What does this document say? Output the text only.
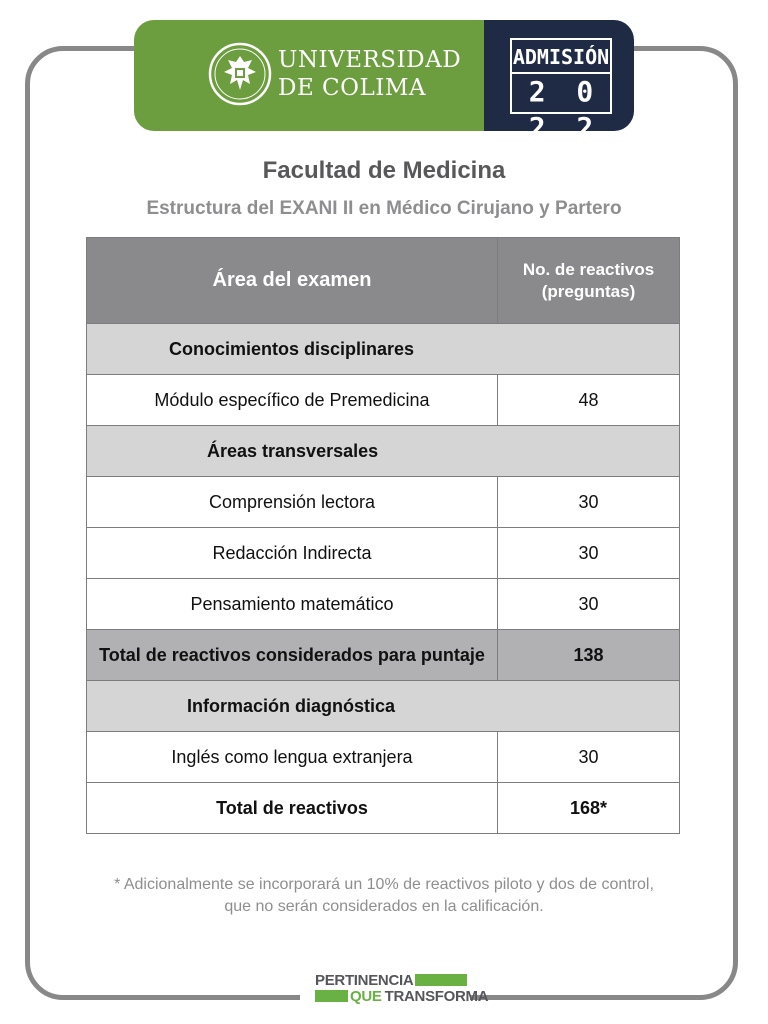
UNIVERSIDAD
DE COLIMA
ADMISIÓN
2 0 2 2
Facultad de Medicina
Estructura del EXANI II en Médico Cirujano y Partero
Área del examen	No. de reactivos
(preguntas)

Conocimientos disciplinares	
Módulo específico de Premedicina	48
Áreas transversales	
Comprensión lectora	30
Redacción Indirecta	30
Pensamiento matemático	30
Total de reactivos considerados para puntaje	138
Información diagnóstica	
Inglés como lengua extranjera	30
Total de reactivos	168*
* Adicionalmente se incorporará un 10% de reactivos piloto y dos de control,
que no serán considerados en la calificación.
PERTINENCIA
QUE TRANSFORMA
